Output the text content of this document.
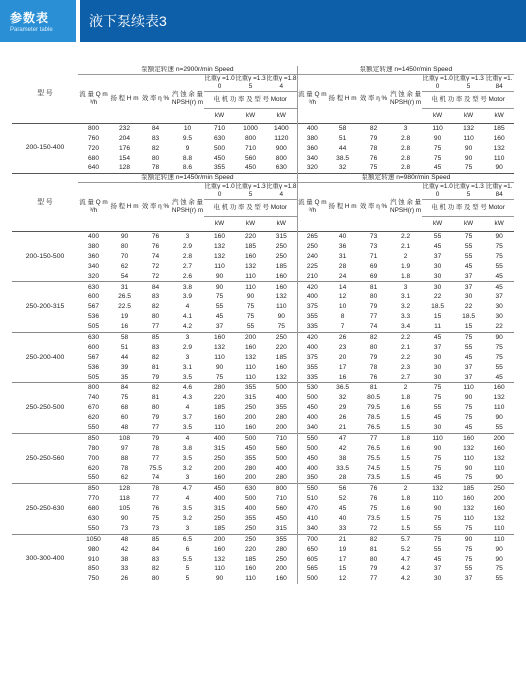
参数表
Parameter table
液下泵续表3
型 号	泵额定转速 n=2900r/min Speed							泵额定转速 n=1450r/min Speed						
	流 量 Q m³/h	扬 程 H m	效 率 η %	汽 蚀 余 量 NPSH(r) m	比重γ =1.00	比重γ =1.35	比重γ =1.84	流 量 Q m³/h	扬 程 H m	效 率 η %	汽 蚀 余 量 NPSH(r) m	比重γ =1.00	比重γ =1.35	比重γ =1.84
					电 机 功 率 及 型 号 Motor							电 机 功 率 及 型 号 Motor		
					kW	kW	kW					kW	kW	kW
200-150-400	800	232	84	10	710	1000	1400	400	58	82	3	110	132	185
	760	204	83	9.5	630	800	1120	380	51	79	2.8	90	110	160
	720	176	82	9	500	710	900	360	44	78	2.8	75	90	132
	680	154	80	8.8	450	560	800	340	38.5	76	2.8	75	90	110
	640	128	78	8.6	355	450	630	320	32	75	2.8	45	75	90
型 号	泵额定转速 n=1450r/min Speed							泵额定转速 n=980r/min Speed						
	流 量 Q m³/h	扬 程 H m	效 率 η %	汽 蚀 余 量 NPSH(r) m	比重γ =1.00	比重γ =1.35	比重γ =1.84	流 量 Q m³/h	扬 程 H m	效 率 η %	汽 蚀 余 量 NPSH(r) m	比重γ =1.00	比重γ =1.35	比重γ =1.84
					电 机 功 率 及 型 号 Motor							电 机 功 率 及 型 号 Motor		
					kW	kW	kW					kW	kW	kW
200-150-500	400	90	76	3	160	220	315	265	40	73	2.2	55	75	90
	380	80	76	2.9	132	185	250	250	36	73	2.1	45	55	75
	360	70	74	2.8	132	160	250	240	31	71	2	37	55	75
	340	62	72	2.7	110	132	185	225	28	69	1.9	30	45	55
	320	54	72	2.6	90	110	160	210	24	69	1.8	30	37	45
250-200-315	630	31	84	3.8	90	110	160	420	14	81	3	30	37	45
	600	26.5	83	3.9	75	90	132	400	12	80	3.1	22	30	37
	567	22.5	82	4	55	75	110	375	10	79	3.2	18.5	22	30
	536	19	80	4.1	45	75	90	355	8	77	3.3	15	18.5	30
	505	16	77	4.2	37	55	75	335	7	74	3.4	11	15	22
250-200-400	630	58	85	3	160	200	250	420	26	82	2.2	45	75	90
	600	51	83	2.9	132	160	220	400	23	80	2.1	37	55	75
	567	44	82	3	110	132	185	375	20	79	2.2	30	45	75
	536	39	81	3.1	90	110	160	355	17	78	2.3	30	37	55
	505	35	79	3.5	75	110	132	335	16	76	2.7	30	37	45
250-250-500	800	84	82	4.6	280	355	500	530	36.5	81	2	75	110	160
	740	75	81	4.3	220	315	400	500	32	80.5	1.8	75	90	132
	670	68	80	4	185	250	355	450	29	79.5	1.6	55	75	110
	620	60	79	3.7	160	200	280	400	26	78.5	1.5	45	75	90
	550	48	77	3.5	110	160	200	340	21	76.5	1.5	30	45	55
250-250-560	850	108	79	4	400	500	710	550	47	77	1.8	110	160	200
	780	97	78	3.8	315	450	560	500	42	76.5	1.6	90	132	160
	700	88	77	3.5	250	355	500	450	38	75.5	1.5	75	110	132
	620	78	75.5	3.2	200	280	400	400	33.5	74.5	1.5	75	90	110
	550	62	74	3	160	200	280	350	28	73.5	1.5	45	75	90
250-250-630	850	128	78	4.7	450	630	800	550	56	76	2	132	185	250
	770	118	77	4	400	500	710	510	52	76	1.8	110	160	200
	680	105	76	3.5	315	400	560	470	45	75	1.6	90	132	160
	630	90	75	3.2	250	355	450	410	40	73.5	1.5	75	110	132
	550	73	73	3	185	250	315	340	33	72	1.5	55	75	110
300-300-400	1050	48	85	6.5	200	250	355	700	21	82	5.7	75	90	110
	980	42	84	6	160	220	280	650	19	81	5.2	55	75	90
	910	38	83	5.5	132	185	250	605	17	80	4.7	45	75	90
	850	33	82	5	110	160	200	565	15	79	4.2	37	55	75
	750	26	80	5	90	110	160	500	12	77	4.2	30	37	55
